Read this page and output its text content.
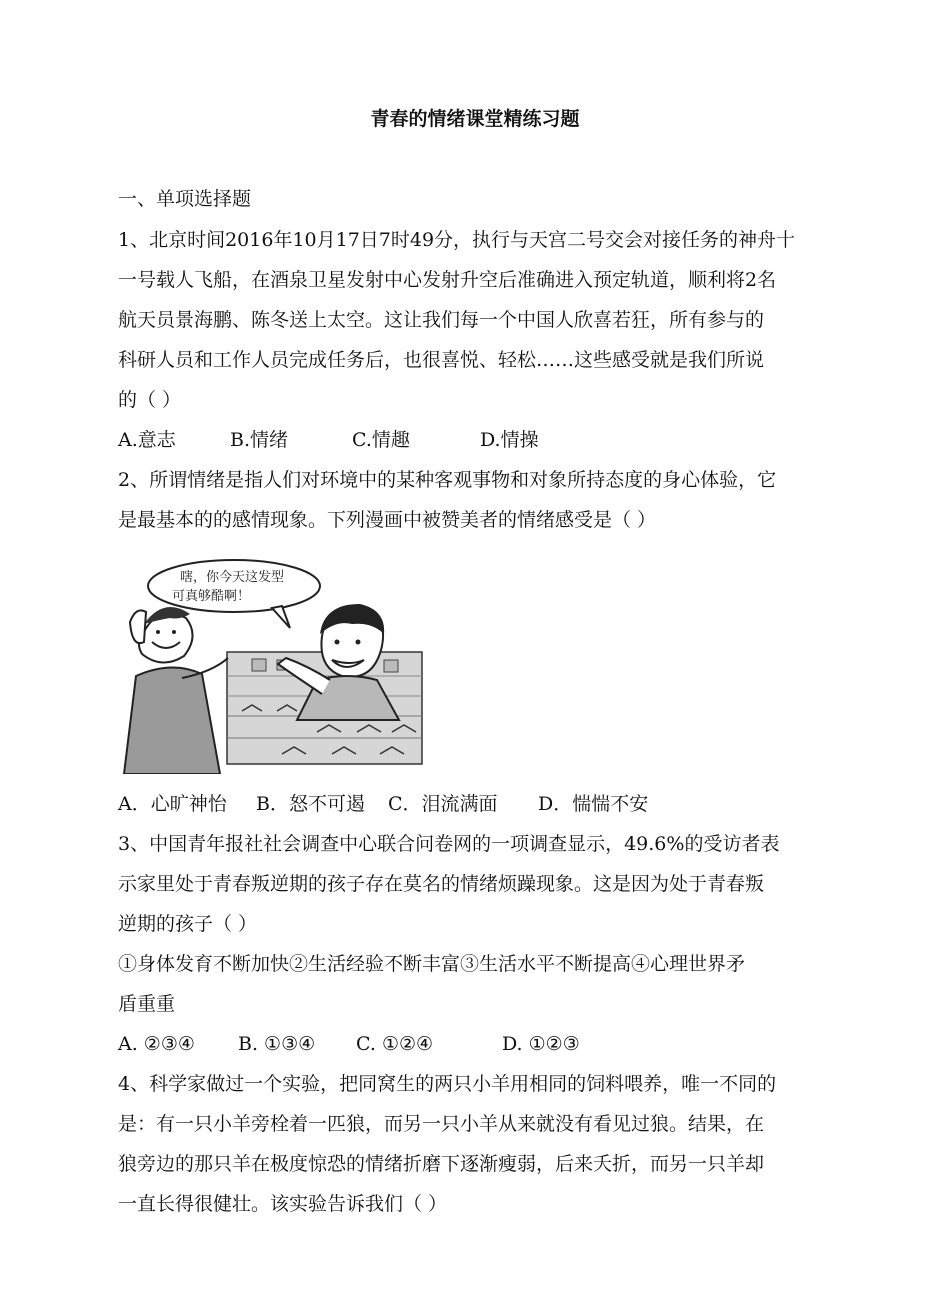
青春的情绪课堂精练习题
一、单项选择题
1、北京时间2016年10月17日7时49分，执行与天宫二号交会对接任务的神舟十
一号载人飞船，在酒泉卫星发射中心发射升空后准确进入预定轨道，顺利将2名
航天员景海鹏、陈冬送上太空。这让我们每一个中国人欣喜若狂，所有参与的
科研人员和工作人员完成任务后，也很喜悦、轻松……这些感受就是我们所说
的（ ）
A.意志	B.情绪	C.情趣	D.情操
2、所谓情绪是指人们对环境中的某种客观事物和对象所持态度的身心体验，它
是最基本的的感情现象。下列漫画中被赞美者的情绪感受是（ ）
嗐，你今天这发型
可真够酷啊！
A．心旷神怡 B．怒不可遏 C．泪流满面 D．惴惴不安
3、中国青年报社社会调查中心联合问卷网的一项调查显示，49.6%的受访者表
示家里处于青春叛逆期的孩子存在莫名的情绪烦躁现象。这是因为处于青春叛
逆期的孩子（ ）
①身体发育不断加快②生活经验不断丰富③生活水平不断提高④心理世界矛
盾重重
A. ②③④ B. ①③④ C. ①②④	D. ①②③
4、科学家做过一个实验，把同窝生的两只小羊用相同的饲料喂养，唯一不同的
是：有一只小羊旁栓着一匹狼，而另一只小羊从来就没有看见过狼。结果，在
狼旁边的那只羊在极度惊恐的情绪折磨下逐渐瘦弱，后来夭折，而另一只羊却
一直长得很健壮。该实验告诉我们（ ）
